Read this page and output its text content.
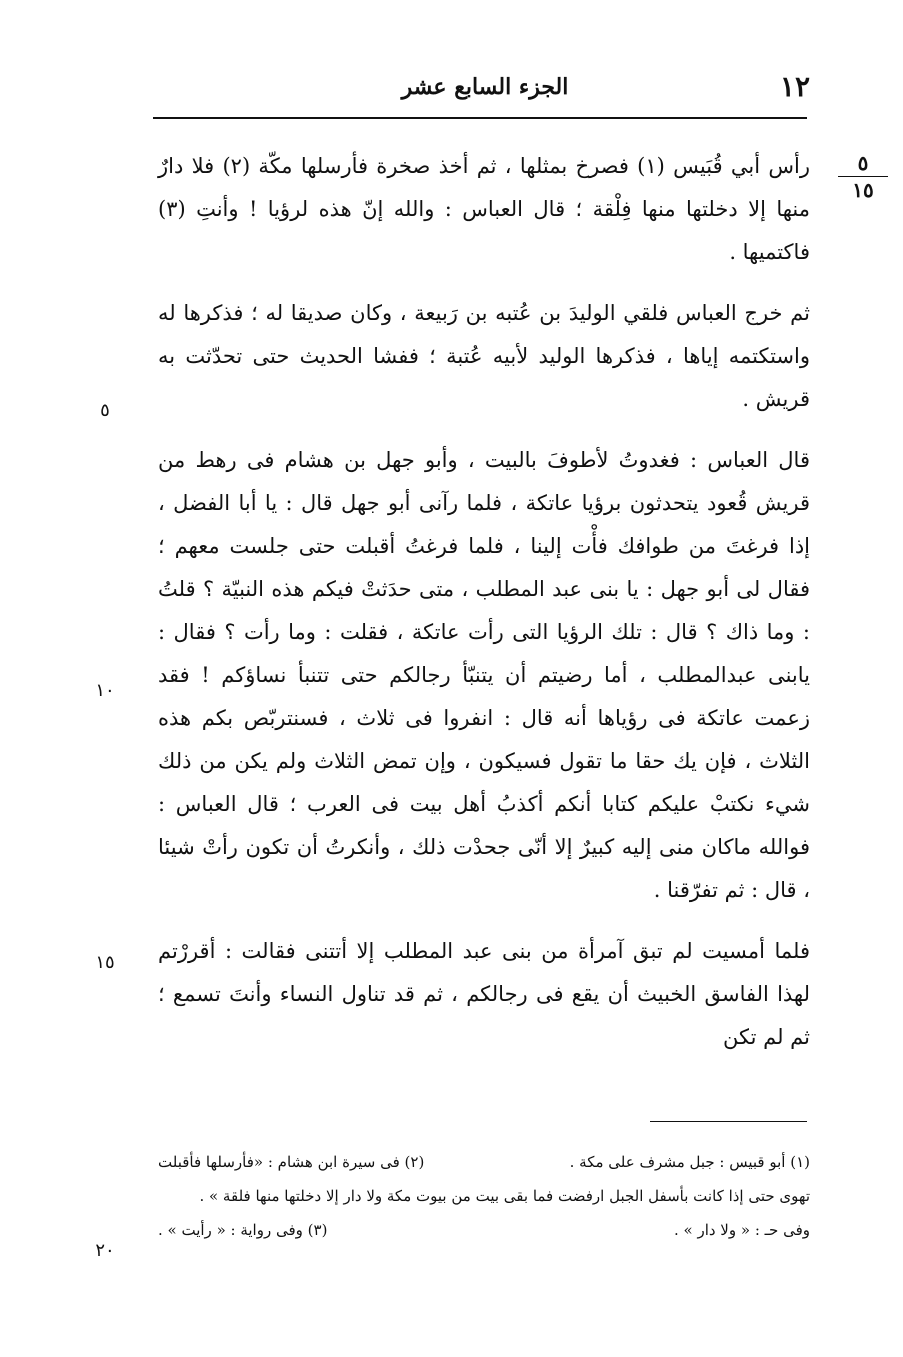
١٢
الجزء السابع عشر
٥
١٥
٥
١٠
١٥
٢٠

رأس أبي قُبَيس (١) فصرخ بمثلها ، ثم أخذ صخرة فأرسلها مكّة (٢) فلا دارٌ منها إلا دخلتها منها فِلْقة ؛ قال العباس : والله إنّ هذه لرؤيا ! وأنتِ (٣) فاكتميها .

ثم خرج العباس فلقي الوليدَ بن عُتبه بن رَبيعة ، وكان صديقا له ؛ فذكرها له واستكتمه إياها ، فذكرها الوليد لأبيه عُتبة ؛ ففشا الحديث حتى تحدّثت به قريش .

قال العباس : فغدوتُ لأطوفَ بالبيت ، وأبو جهل بن هشام فى رهط من قريش قُعود يتحدثون برؤيا عاتكة ، فلما رآنى أبو جهل قال : يا أبا الفضل ، إذا فرغتَ من طوافك فأْت إلينا ، فلما فرغتُ أقبلت حتى جلست معهم ؛ فقال لى أبو جهل : يا بنى عبد المطلب ، متى حدَثتْ فيكم هذه النبيّة ؟ قلتُ : وما ذاك ؟ قال : تلك الرؤيا التى رأت عاتكة ، فقلت : وما رأت ؟ فقال : يابنى عبدالمطلب ، أما رضيتم أن يتنبّأ رجالكم حتى تتنبأ نساؤكم ! فقد زعمت عاتكة فى رؤياها أنه قال : انفروا فى ثلاث ، فسنتربّص بكم هذه الثلاث ، فإن يك حقا ما تقول فسيكون ، وإن تمض الثلاث ولم يكن من ذلك شيء نكتبْ عليكم كتابا أنكم أكذبُ أهل بيت فى العرب ؛ قال العباس : فوالله ماكان منى إليه كبيرٌ إلا أنّى جحدْت ذلك ، وأنكرتُ أن تكون رأتْ شيئا ، قال : ثم تفرّقنا .

فلما أمسيت لم تبق آمرأة من بنى عبد المطلب إلا أتتنى فقالت : أقررْتم لهذا الفاسق الخبيث أن يقع فى رجالكم ، ثم قد تناول النساء وأنتَ تسمع ؛ ثم لم تكن

(١) أبو قبيس : جبل مشرف على مكة .
(٢) فى سيرة ابن هشام : «فأرسلها فأقبلت
تهوى حتى إذا كانت بأسفل الجبل ارفضت فما بقى بيت من بيوت مكة ولا دار إلا دخلتها منها فلقة » .
وفى حـ : « ولا دار » .
(٣) وفى رواية : « رأيت » .
